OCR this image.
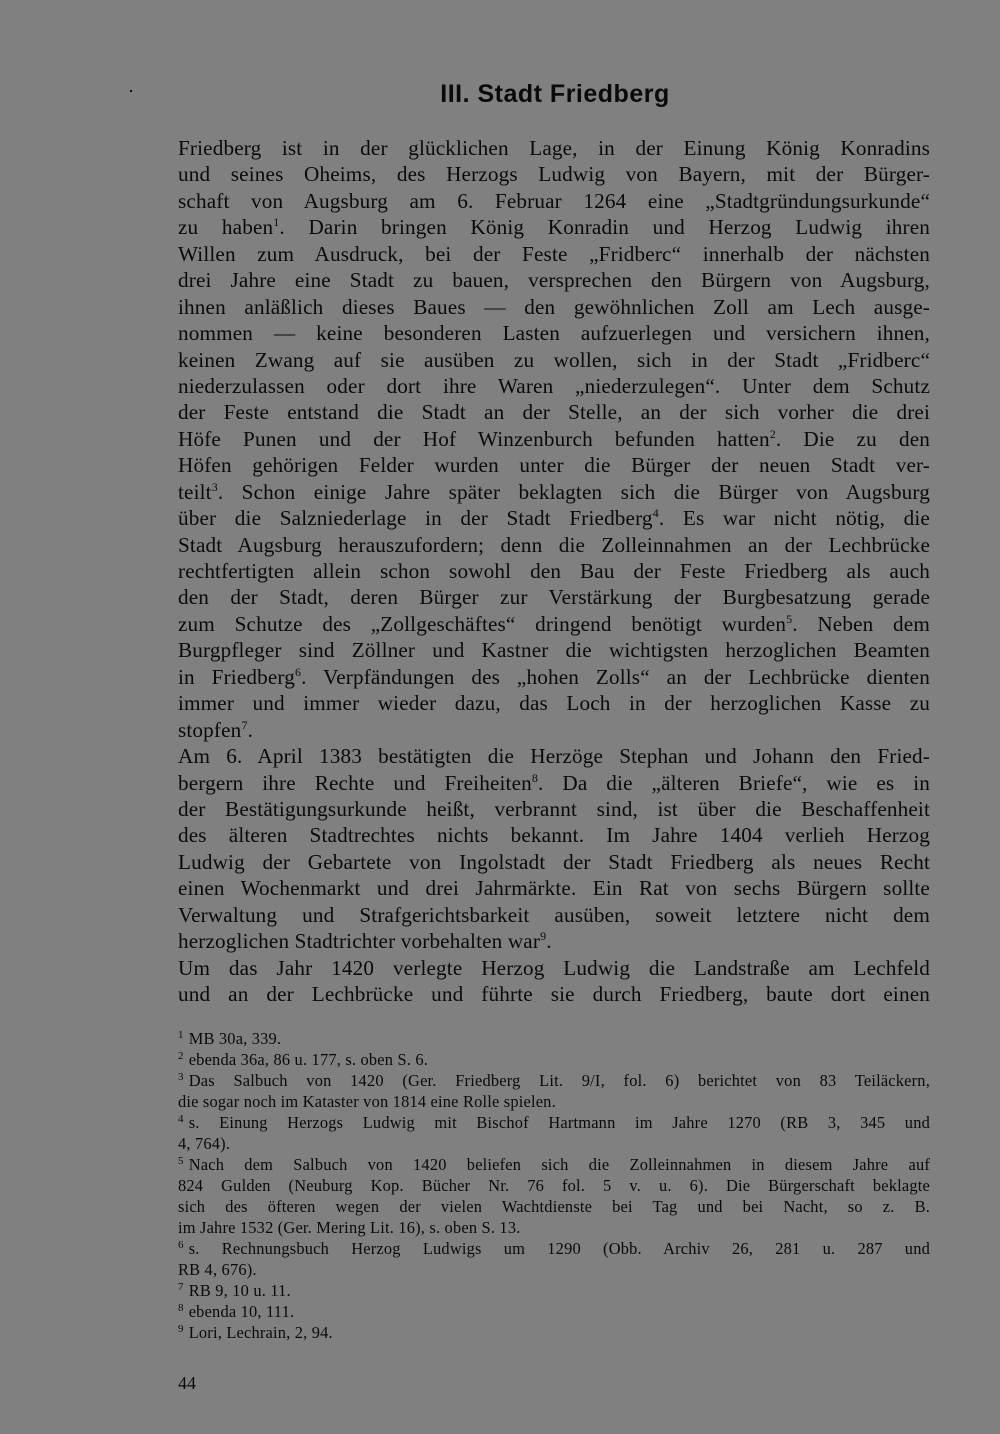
III. Stadt Friedberg
Friedberg ist in der glücklichen Lage, in der Einung König Konradins
und seines Oheims, des Herzogs Ludwig von Bayern, mit der Bürger-
schaft von Augsburg am 6. Februar 1264 eine „Stadtgründungsurkunde“
zu haben$^1$. Darin bringen König Konradin und Herzog Ludwig ihren
Willen zum Ausdruck, bei der Feste „Fridberc“ innerhalb der nächsten
drei Jahre eine Stadt zu bauen, versprechen den Bürgern von Augsburg,
ihnen anläßlich dieses Baues — den gewöhnlichen Zoll am Lech ausge-
nommen — keine besonderen Lasten aufzuerlegen und versichern ihnen,
keinen Zwang auf sie ausüben zu wollen, sich in der Stadt „Fridberc“
niederzulassen oder dort ihre Waren „niederzulegen“. Unter dem Schutz
der Feste entstand die Stadt an der Stelle, an der sich vorher die drei
Höfe Punen und der Hof Winzenburch befunden hatten$^2$. Die zu den
Höfen gehörigen Felder wurden unter die Bürger der neuen Stadt ver-
teilt$^3$. Schon einige Jahre später beklagten sich die Bürger von Augsburg
über die Salzniederlage in der Stadt Friedberg$^4$. Es war nicht nötig, die
Stadt Augsburg herauszufordern; denn die Zolleinnahmen an der Lechbrücke
rechtfertigten allein schon sowohl den Bau der Feste Friedberg als auch
den der Stadt, deren Bürger zur Verstärkung der Burgbesatzung gerade
zum Schutze des „Zollgeschäftes“ dringend benötigt wurden$^5$. Neben dem
Burgpfleger sind Zöllner und Kastner die wichtigsten herzoglichen Beamten
in Friedberg$^6$. Verpfändungen des „hohen Zolls“ an der Lechbrücke dienten
immer und immer wieder dazu, das Loch in der herzoglichen Kasse zu
stopfen$^7$.
Am 6. April 1383 bestätigten die Herzöge Stephan und Johann den Fried-
bergern ihre Rechte und Freiheiten$^8$. Da die „älteren Briefe“, wie es in
der Bestätigungsurkunde heißt, verbrannt sind, ist über die Beschaffenheit
des älteren Stadtrechtes nichts bekannt. Im Jahre 1404 verlieh Herzog
Ludwig der Gebartete von Ingolstadt der Stadt Friedberg als neues Recht
einen Wochenmarkt und drei Jahrmärkte. Ein Rat von sechs Bürgern sollte
Verwaltung und Strafgerichtsbarkeit ausüben, soweit letztere nicht dem
herzoglichen Stadtrichter vorbehalten war$^9$.
Um das Jahr 1420 verlegte Herzog Ludwig die Landstraße am Lechfeld
und an der Lechbrücke und führte sie durch Friedberg, baute dort einen
$^1$ MB 30a, 339.
$^2$ ebenda 36a, 86 u. 177, s. oben S. 6.
$^3$ Das Salbuch von 1420 (Ger. Friedberg Lit. 9/I, fol. 6) berichtet von 83 Teiläckern,
die sogar noch im Kataster von 1814 eine Rolle spielen.
$^4$ s. Einung Herzogs Ludwig mit Bischof Hartmann im Jahre 1270 (RB 3, 345 und
4, 764).
$^5$ Nach dem Salbuch von 1420 beliefen sich die Zolleinnahmen in diesem Jahre auf
824 Gulden (Neuburg Kop. Bücher Nr. 76 fol. 5 v. u. 6). Die Bürgerschaft beklagte
sich des öfteren wegen der vielen Wachtdienste bei Tag und bei Nacht, so z. B.
im Jahre 1532 (Ger. Mering Lit. 16), s. oben S. 13.
$^6$ s. Rechnungsbuch Herzog Ludwigs um 1290 (Obb. Archiv 26, 281 u. 287 und
RB 4, 676).
$^7$ RB 9, 10 u. 11.
$^8$ ebenda 10, 111.
$^9$ Lori, Lechrain, 2, 94.
44
